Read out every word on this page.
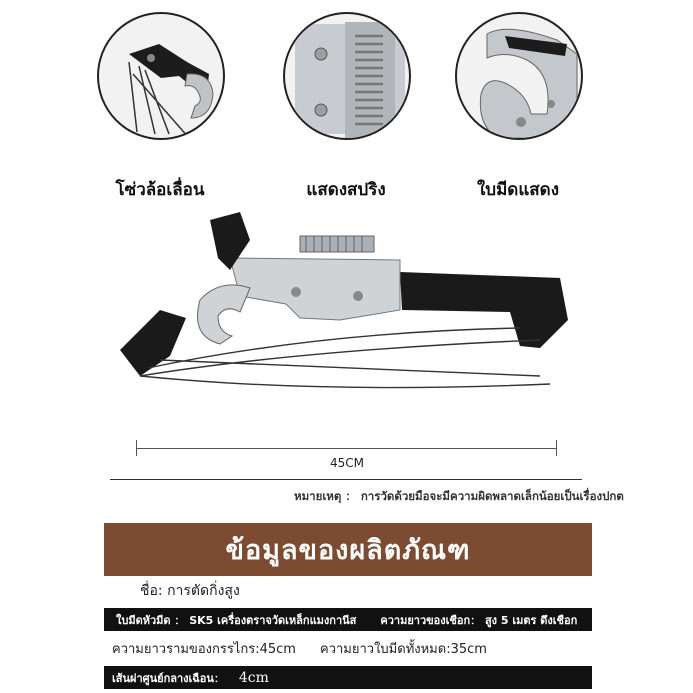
โซ่วล้อเลื่อน	แสดงสปริง	ใบมีดแสดง
45CM
หมายเหตุ ： การวัดด้วยมือจะมีความผิดพลาดเล็กน้อยเป็นเรื่องปกต
ข้อมูลของผลิตภัณฑ
ชื่อ: การตัดกิ่งสูง
ใบมีดหัวมีด ： SK5 เครื่องตราจวัดเหล็กแมงกานีส ความยาวของเชือก： สูง 5 เมตร ดึงเชือก
ความยาวรามของกรรไกร:45cm ความยาวใบมีดทั้งหมด:35cm
เส้นผ่าศูนย์กลางเฉือน： 4cm
